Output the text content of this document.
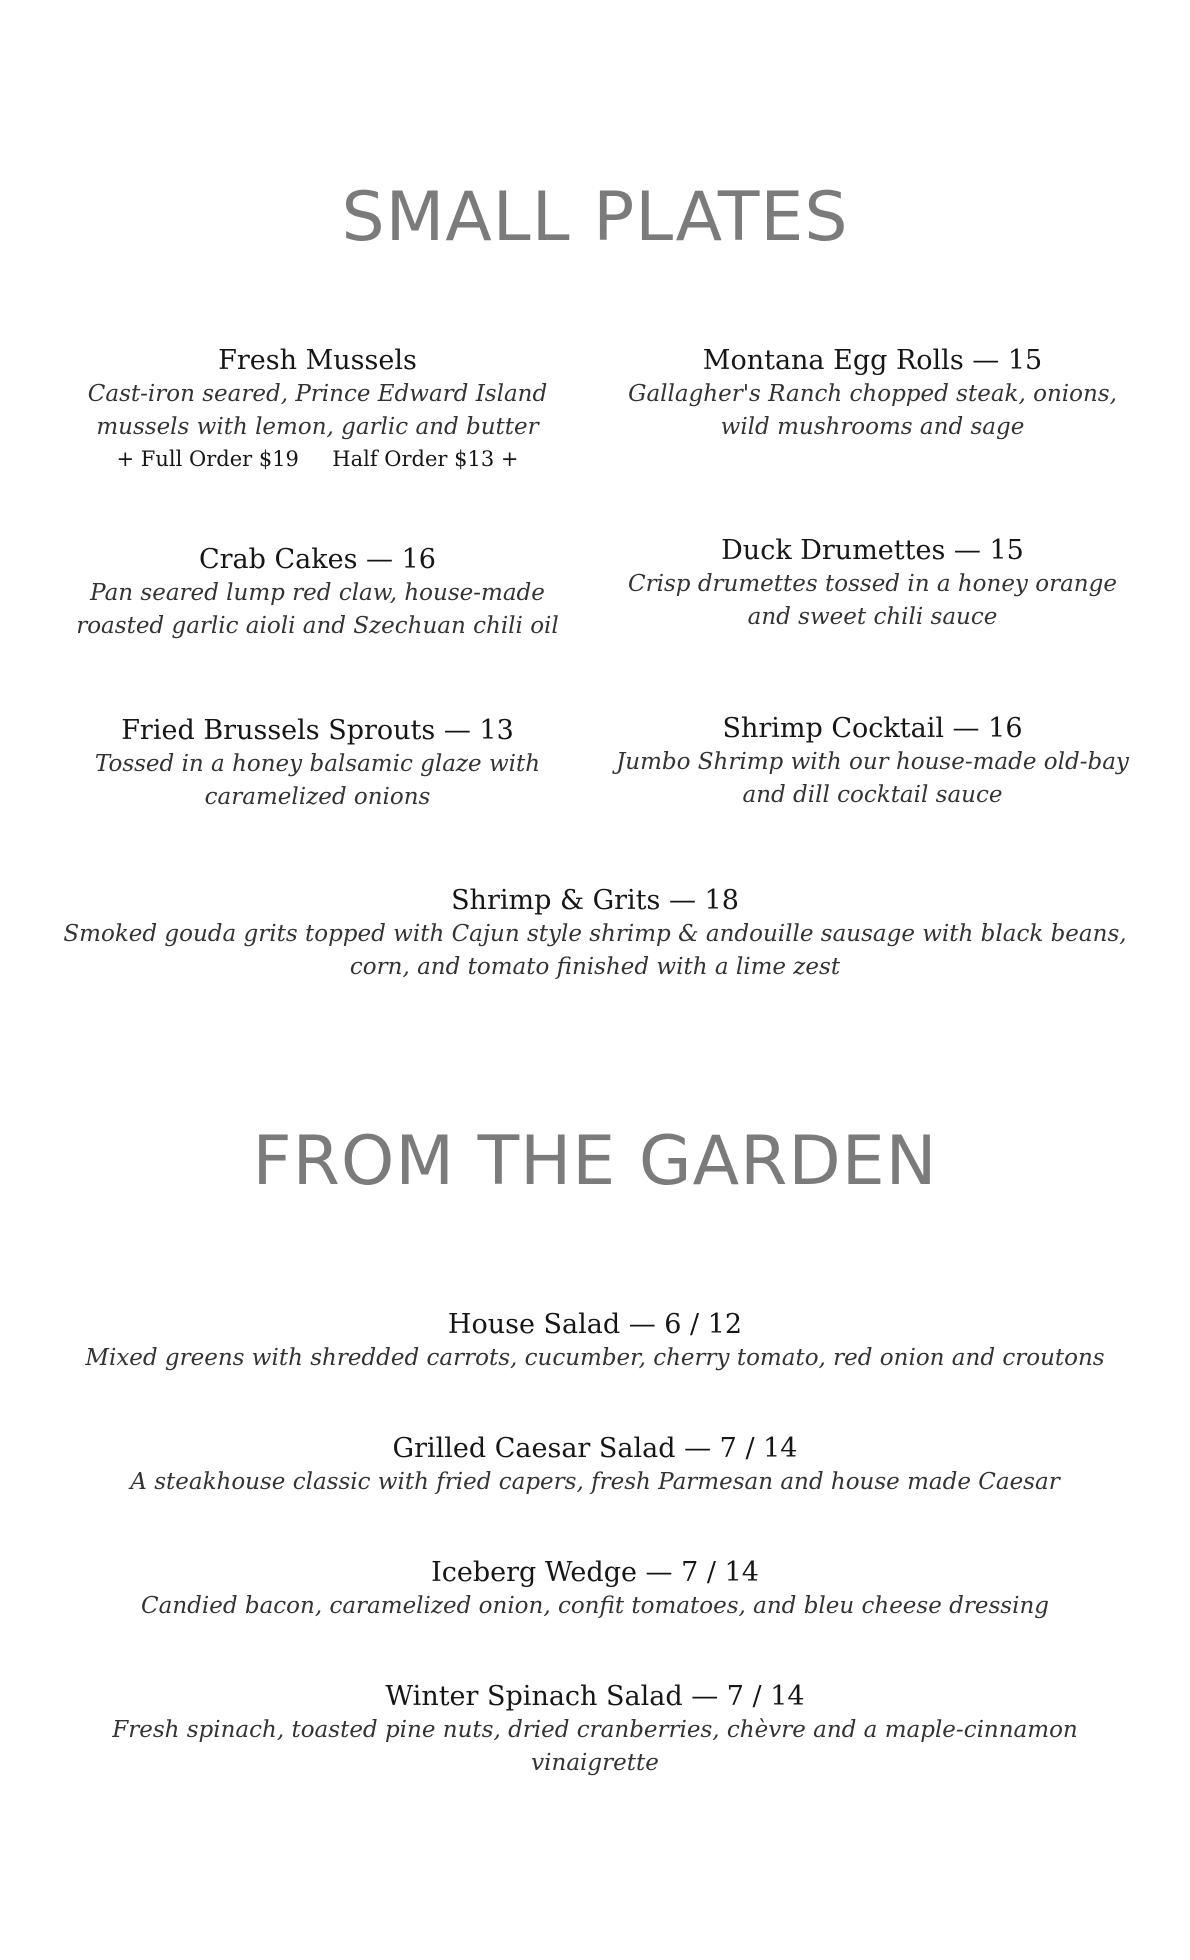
SMALL PLATES
Fresh Mussels
Cast-iron seared, Prince Edward Island mussels with lemon, garlic and butter
+ Full Order $19     Half Order $13 +
Montana Egg Rolls — 15
Gallagher's Ranch chopped steak, onions, wild mushrooms and sage
Crab Cakes — 16
Pan seared lump red claw, house-made roasted garlic aioli and Szechuan chili oil
Duck Drumettes — 15
Crisp drumettes tossed in a honey orange and sweet chili sauce
Fried Brussels Sprouts — 13
Tossed in a honey balsamic glaze with caramelized onions
Shrimp Cocktail — 16
Jumbo Shrimp with our house-made old-bay and dill cocktail sauce
Shrimp & Grits — 18
Smoked gouda grits topped with Cajun style shrimp & andouille sausage with black beans, corn, and tomato finished with a lime zest
FROM THE GARDEN
House Salad — 6 / 12
Mixed greens with shredded carrots, cucumber, cherry tomato, red onion and croutons
Grilled Caesar Salad — 7 / 14
A steakhouse classic with fried capers, fresh Parmesan and house made Caesar
Iceberg Wedge — 7 / 14
Candied bacon, caramelized onion, confit tomatoes, and bleu cheese dressing
Winter Spinach Salad — 7 / 14
Fresh spinach, toasted pine nuts, dried cranberries, chèvre and a maple-cinnamon vinaigrette
